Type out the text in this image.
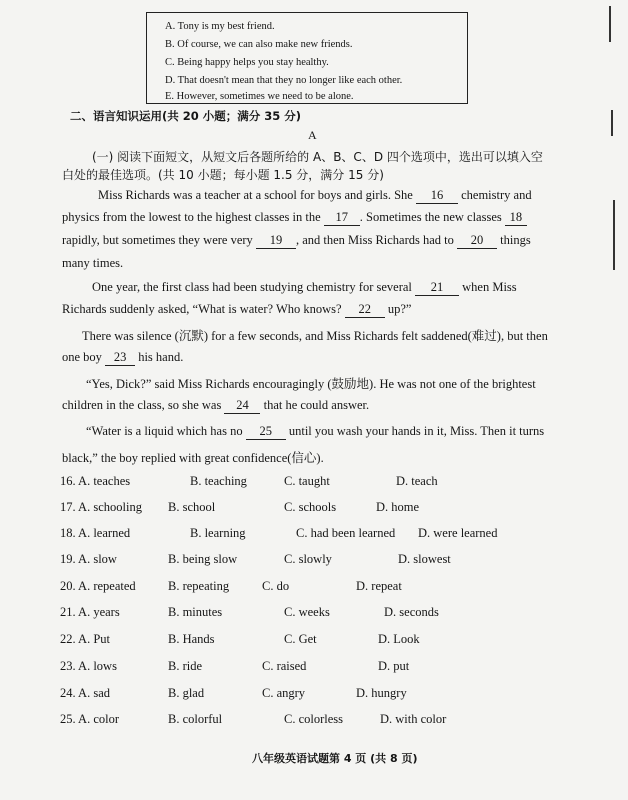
A. Tony is my best friend.
B. Of course, we can also make new friends.
C. Being happy helps you stay healthy.
D. That doesn't mean that they no longer like each other.
E. However, sometimes we need to be alone.
二、语言知识运用(共 20 小题；满分 35 分)
A
(一) 阅读下面短文，从短文后各题所给的 A、B、C、D 四个选项中，选出可以填入空
白处的最佳选项。(共 10 小题；每小题 1.5 分，满分 15 分)
Miss Richards was a teacher at a school for boys and girls. She 16 chemistry and
physics from the lowest to the highest classes in the 17 . Sometimes the new classes 18
rapidly, but sometimes they were very 19 , and then Miss Richards had to 20 things
many times.
One year, the first class had been studying chemistry for several 21 when Miss
Richards suddenly asked, “What is water? Who knows? 22 up?”
There was silence (沉默) for a few seconds, and Miss Richards felt saddened(难过), but then
one boy 23 his hand.
“Yes, Dick?” said Miss Richards encouragingly (鼓励地). He was not one of the brightest
children in the class, so she was 24 that he could answer.
“Water is a liquid which has no 25 until you wash your hands in it, Miss. Then it turns
black,” the boy replied with great confidence(信心).
16. A. teaches	B. teaching	C. taught	D. teach
17. A. schooling B. school	C. schools	D. home
18. A. learned	B. learning	C. had been learned D. were learned
19. A. slow	B. being slow	C. slowly	D. slowest
20. A. repeated	B. repeating	C. do	D. repeat
21. A. years	B. minutes	C. weeks	D. seconds
22. A. Put	B. Hands	C. Get	D. Look
23. A. lows	B. ride	C. raised	D. put
24. A. sad	B. glad	C. angry	D. hungry
25. A. color	B. colorful	C. colorless	D. with color
八年级英语试题第 4 页 (共 8 页)
